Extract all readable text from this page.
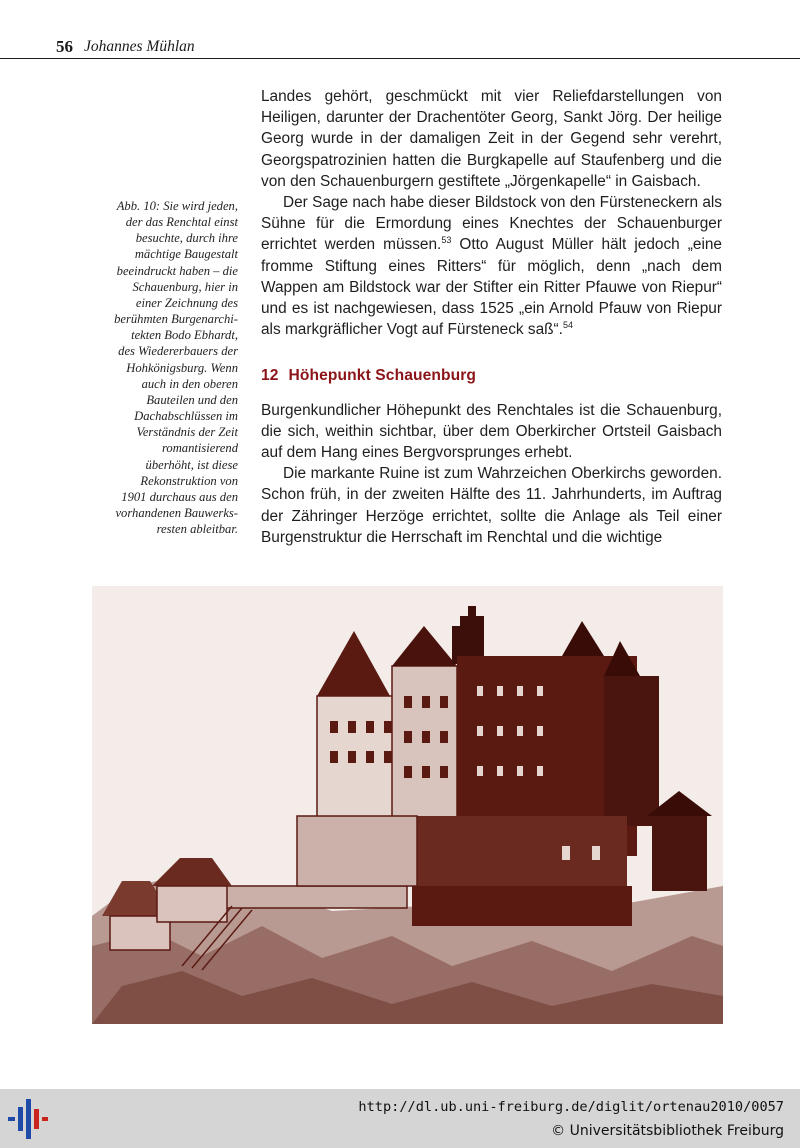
56 Johannes Mühlan
Abb. 10: Sie wird jeden,
der das Renchtal einst
besuchte, durch ihre
mächtige Baugestalt
beeindruckt haben – die
Schauenburg, hier in
einer Zeichnung des
berühmten Burgenarchi-
tekten Bodo Ebhardt,
des Wiedererbauers der
Hohkönigsburg. Wenn
auch in den oberen
Bauteilen und den
Dachabschlüssen im
Verständnis der Zeit
romantisierend
überhöht, ist diese
Rekonstruktion von
1901 durchaus aus den
vorhandenen Bauwerks-
resten ableitbar.

Landes gehört, geschmückt mit vier Reliefdarstellungen von Heiligen, darunter der Drachentöter Georg, Sankt Jörg. Der heilige Georg wurde in der damaligen Zeit in der Gegend sehr verehrt, Georgspatrozinien hatten die Burgkapelle auf Staufenberg und die von den Schauenburgern gestiftete „Jörgenkapelle“ in Gaisbach.

Der Sage nach habe dieser Bildstock von den Fürsteneckern als Sühne für die Ermordung eines Knechtes der Schauenburger errichtet werden müssen.$^{53}$ Otto August Müller hält jedoch „eine fromme Stiftung eines Ritters“ für möglich, denn „nach dem Wappen am Bildstock war der Stifter ein Ritter Pfauwe von Riepur“ und es ist nachgewiesen, dass 1525 „ein Arnold Pfauw von Riepur als markgräflicher Vogt auf Fürsteneck saß“.$^{54}$

12 Höhepunkt Schauenburg

Burgenkundlicher Höhepunkt des Renchtales ist die Schauenburg, die sich, weithin sichtbar, über dem Oberkircher Ortsteil Gaisbach auf dem Hang eines Bergvorsprunges erhebt.

Die markante Ruine ist zum Wahrzeichen Oberkirchs geworden. Schon früh, in der zweiten Hälfte des 11. Jahrhunderts, im Auftrag der Zähringer Herzöge errichtet, sollte die Anlage als Teil einer Burgenstruktur die Herrschaft im Renchtal und die wichtige

http://dl.ub.uni-freiburg.de/diglit/ortenau2010/0057
© Universitätsbibliothek Freiburg
